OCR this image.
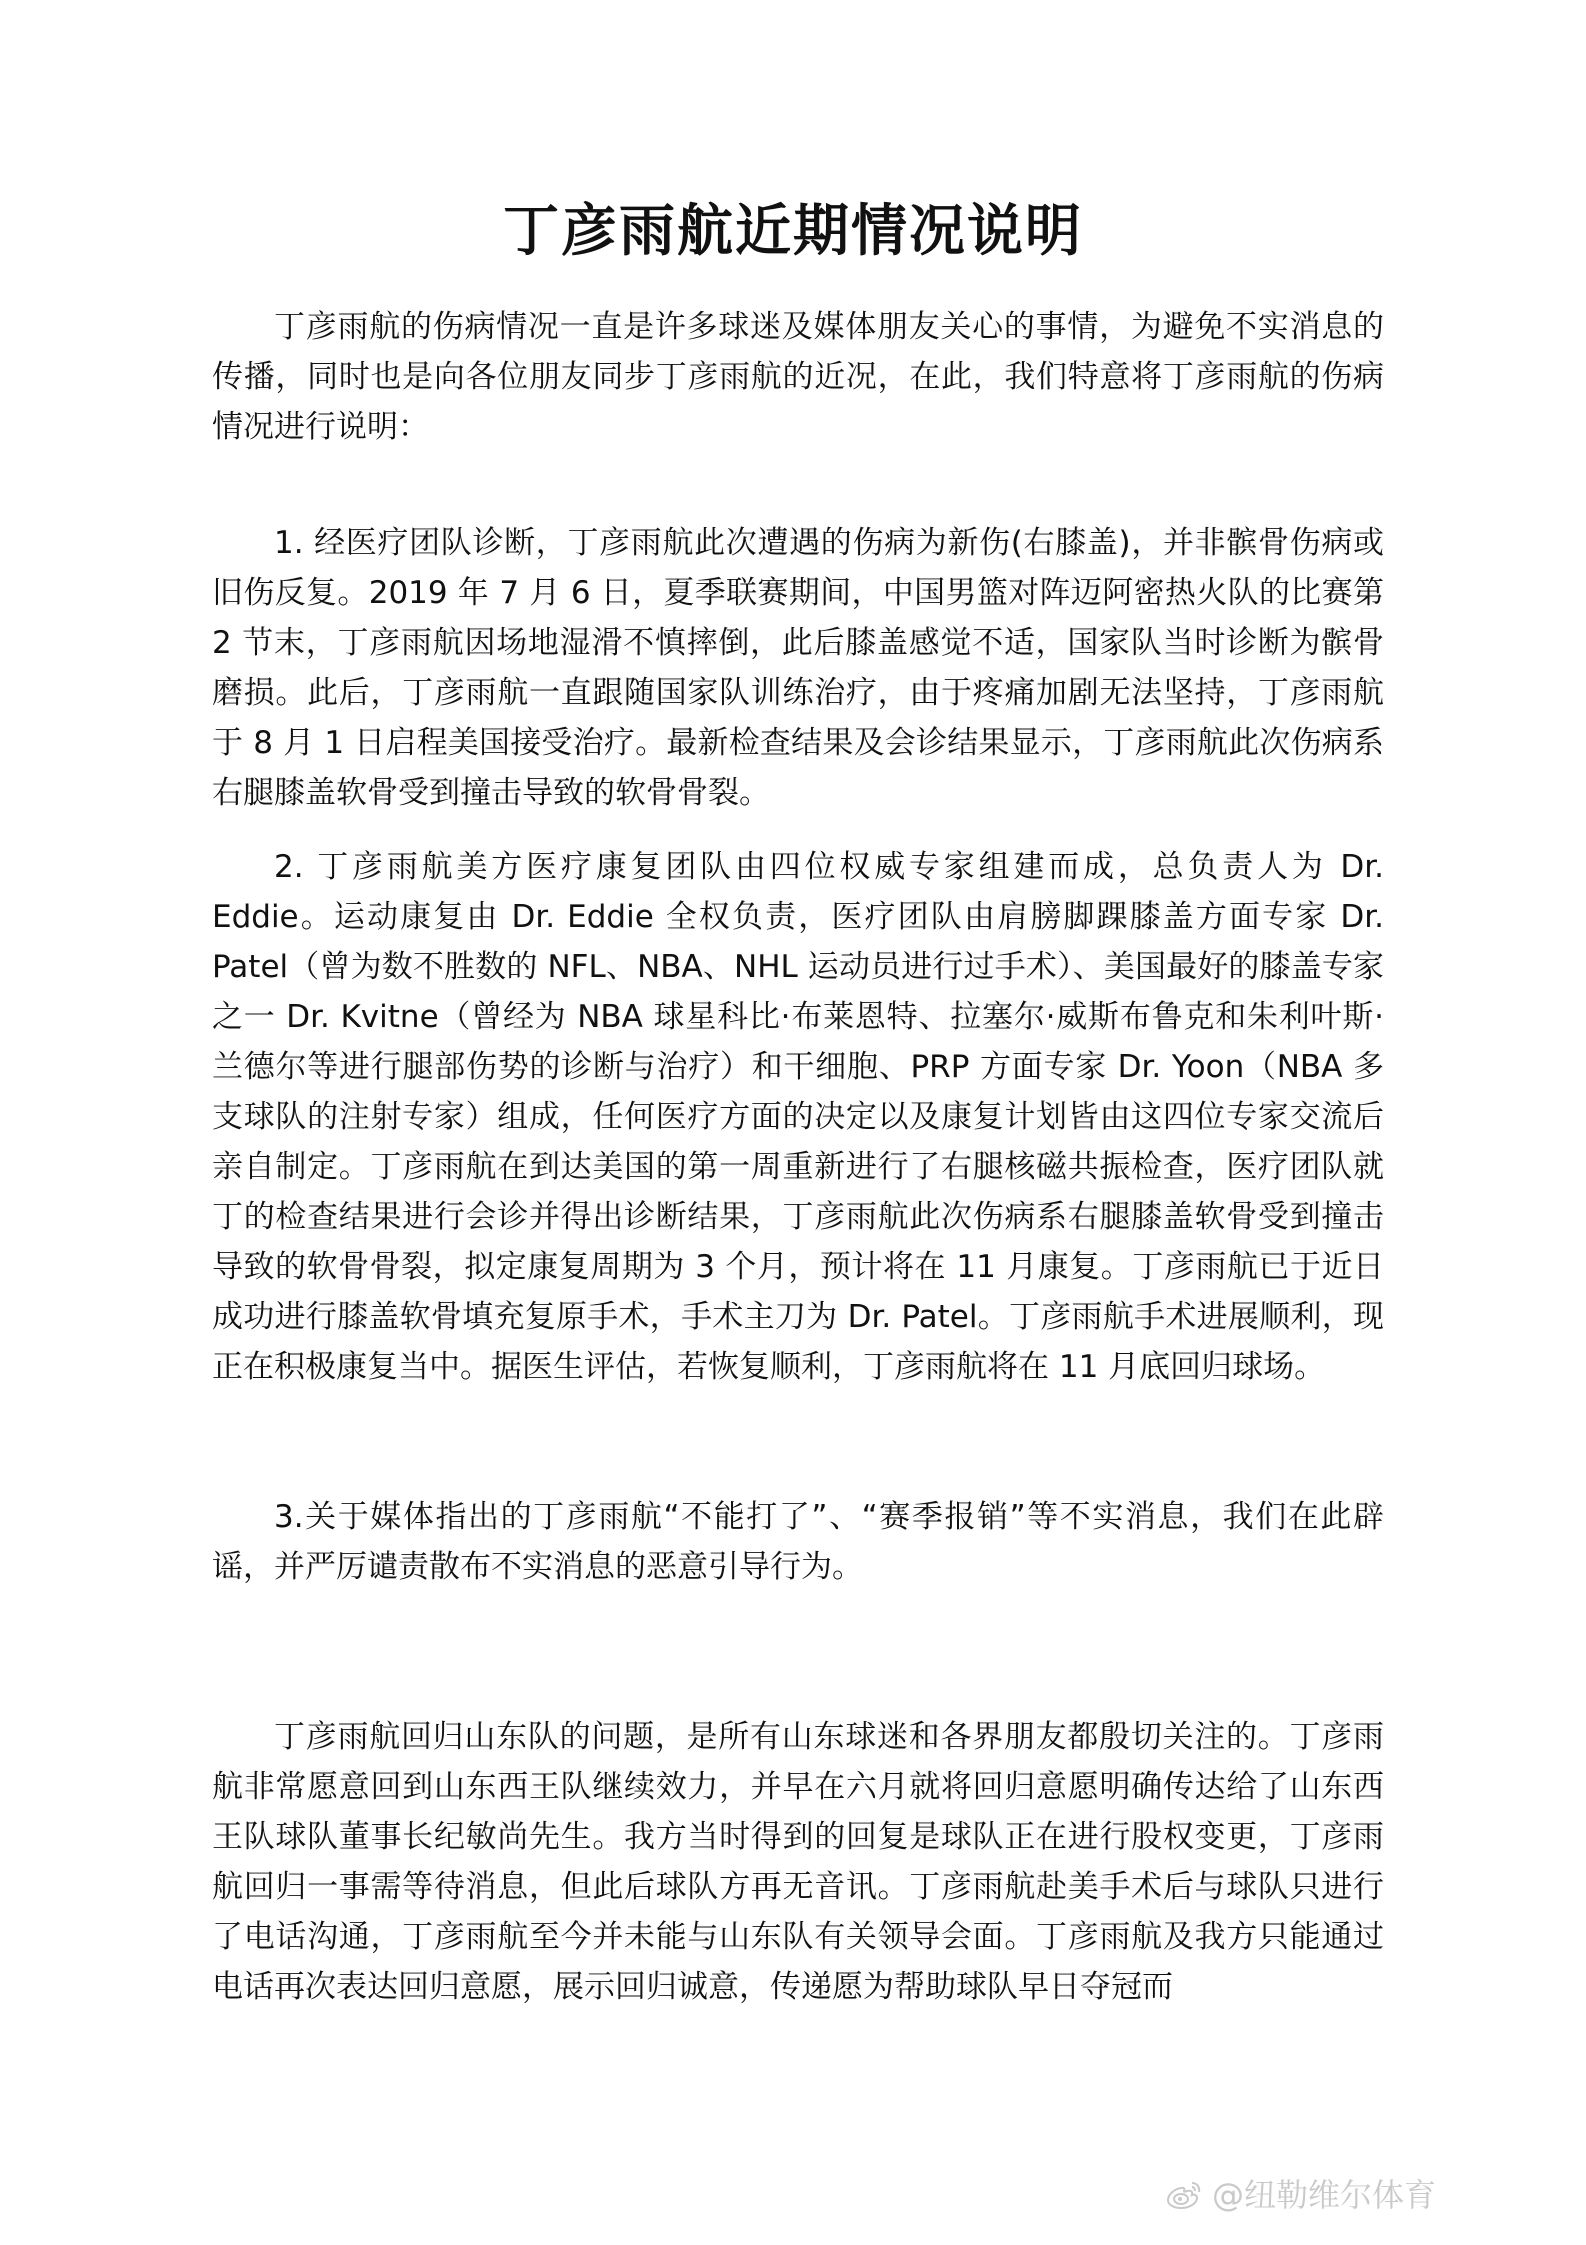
丁彦雨航近期情况说明

丁彦雨航的伤病情况一直是许多球迷及媒体朋友关心的事情，为避免不实消息的传播，同时也是向各位朋友同步丁彦雨航的近况，在此，我们特意将丁彦雨航的伤病情况进行说明：

1. 经医疗团队诊断，丁彦雨航此次遭遇的伤病为新伤(右膝盖)，并非髌骨伤病或旧伤反复。2019 年 7 月 6 日，夏季联赛期间，中国男篮对阵迈阿密热火队的比赛第 2 节末，丁彦雨航因场地湿滑不慎摔倒，此后膝盖感觉不适，国家队当时诊断为髌骨磨损。此后，丁彦雨航一直跟随国家队训练治疗，由于疼痛加剧无法坚持，丁彦雨航于 8 月 1 日启程美国接受治疗。最新检查结果及会诊结果显示，丁彦雨航此次伤病系右腿膝盖软骨受到撞击导致的软骨骨裂。

2. 丁彦雨航美方医疗康复团队由四位权威专家组建而成，总负责人为 Dr. Eddie。运动康复由 Dr. Eddie 全权负责，医疗团队由肩膀脚踝膝盖方面专家 Dr. Patel（曾为数不胜数的 NFL、NBA、NHL 运动员进行过手术）、美国最好的膝盖专家之一 Dr. Kvitne（曾经为 NBA 球星科比·布莱恩特、拉塞尔·威斯布鲁克和朱利叶斯·兰德尔等进行腿部伤势的诊断与治疗）和干细胞、PRP 方面专家 Dr. Yoon（NBA 多支球队的注射专家）组成，任何医疗方面的决定以及康复计划皆由这四位专家交流后亲自制定。丁彦雨航在到达美国的第一周重新进行了右腿核磁共振检查，医疗团队就丁的检查结果进行会诊并得出诊断结果，丁彦雨航此次伤病系右腿膝盖软骨受到撞击导致的软骨骨裂，拟定康复周期为 3 个月，预计将在 11 月康复。丁彦雨航已于近日成功进行膝盖软骨填充复原手术，手术主刀为 Dr. Patel。丁彦雨航手术进展顺利，现正在积极康复当中。据医生评估，若恢复顺利，丁彦雨航将在 11 月底回归球场。

3.关于媒体指出的丁彦雨航“不能打了”、“赛季报销”等不实消息，我们在此辟谣，并严厉谴责散布不实消息的恶意引导行为。

丁彦雨航回归山东队的问题，是所有山东球迷和各界朋友都殷切关注的。丁彦雨航非常愿意回到山东西王队继续效力，并早在六月就将回归意愿明确传达给了山东西王队球队董事长纪敏尚先生。我方当时得到的回复是球队正在进行股权变更，丁彦雨航回归一事需等待消息，但此后球队方再无音讯。丁彦雨航赴美手术后与球队只进行了电话沟通，丁彦雨航至今并未能与山东队有关领导会面。丁彦雨航及我方只能通过电话再次表达回归意愿，展示回归诚意，传递愿为帮助球队早日夺冠而

@纽勒维尔体育
